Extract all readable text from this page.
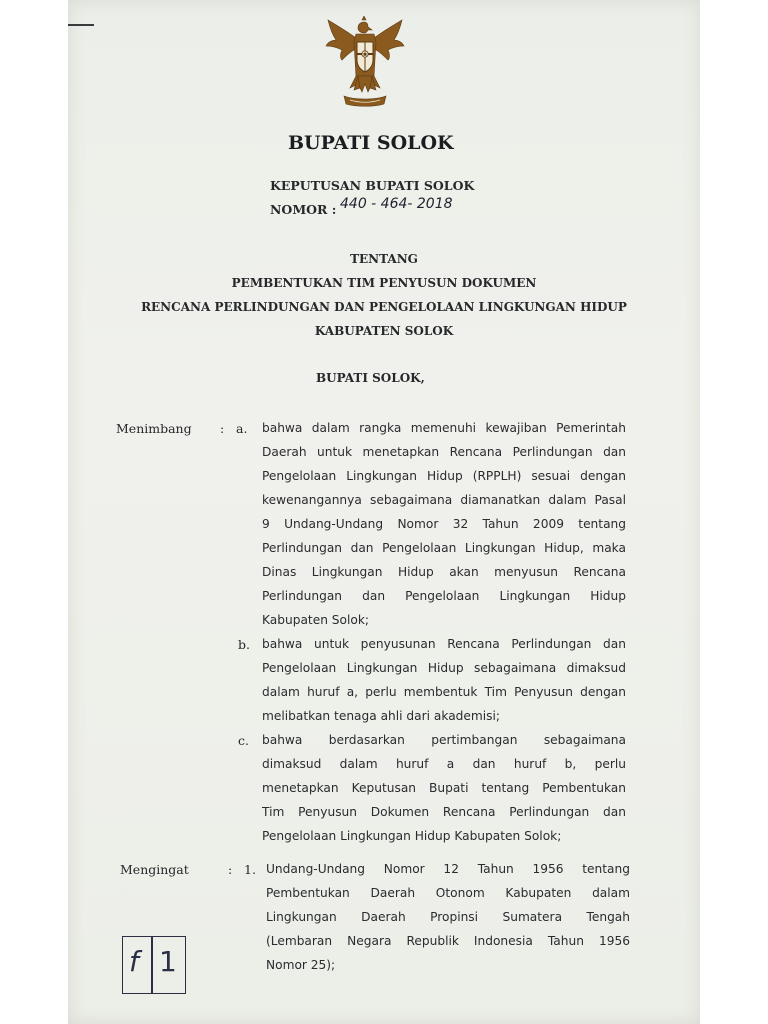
BUPATI SOLOK
KEPUTUSAN BUPATI SOLOK
NOMOR : 440 - 464- 2018
TENTANG
PEMBENTUKAN TIM PENYUSUN DOKUMEN
RENCANA PERLINDUNGAN DAN PENGELOLAAN LINGKUNGAN HIDUP
KABUPATEN SOLOK
BUPATI SOLOK,
Menimbang : a. bahwa dalam rangka memenuhi kewajiban Pemerintah
Daerah untuk menetapkan Rencana Perlindungan dan
Pengelolaan Lingkungan Hidup (RPPLH) sesuai dengan
kewenangannya sebagaimana diamanatkan dalam Pasal
9 Undang-Undang Nomor 32 Tahun 2009 tentang
Perlindungan dan Pengelolaan Lingkungan Hidup, maka
Dinas Lingkungan Hidup akan menyusun Rencana
Perlindungan dan Pengelolaan Lingkungan Hidup
Kabupaten Solok;
b. bahwa untuk penyusunan Rencana Perlindungan dan
Pengelolaan Lingkungan Hidup sebagaimana dimaksud
dalam huruf a, perlu membentuk Tim Penyusun dengan
melibatkan tenaga ahli dari akademisi;
c. bahwa berdasarkan pertimbangan sebagaimana
dimaksud dalam huruf a dan huruf b, perlu
menetapkan Keputusan Bupati tentang Pembentukan
Tim Penyusun Dokumen Rencana Perlindungan dan
Pengelolaan Lingkungan Hidup Kabupaten Solok;
Mengingat	: 1. Undang-Undang Nomor 12 Tahun 1956 tentang
Pembentukan Daerah Otonom Kabupaten dalam
Lingkungan Daerah Propinsi Sumatera Tengah
(Lembaran Negara Republik Indonesia Tahun 1956
Nomor 25);
f 1
